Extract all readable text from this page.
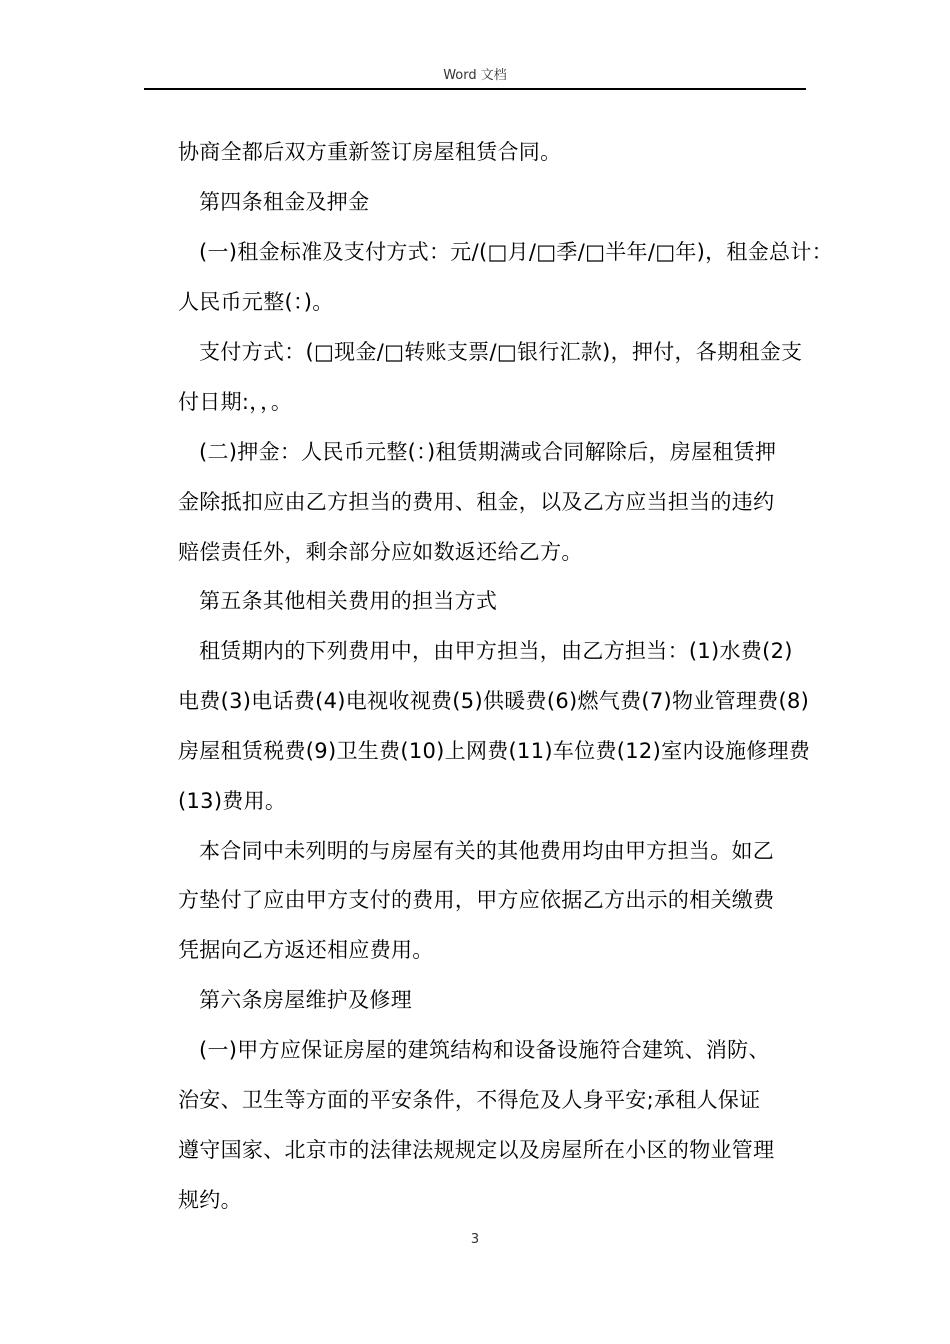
Word 文档
协商全都后双方重新签订房屋租赁合同。
第四条租金及押金
(一)租金标准及支付方式：元/(□月/□季/□半年/□年)，租金总计：
人民币元整(：)。
支付方式：(□现金/□转账支票/□银行汇款)，押付，各期租金支
付日期:，，。
(二)押金：人民币元整(：)租赁期满或合同解除后，房屋租赁押
金除抵扣应由乙方担当的费用、租金，以及乙方应当担当的违约
赔偿责任外，剩余部分应如数返还给乙方。
第五条其他相关费用的担当方式
租赁期内的下列费用中，由甲方担当，由乙方担当：(1)水费(2)
电费(3)电话费(4)电视收视费(5)供暖费(6)燃气费(7)物业管理费(8)
房屋租赁税费(9)卫生费(10)上网费(11)车位费(12)室内设施修理费
(13)费用。
本合同中未列明的与房屋有关的其他费用均由甲方担当。如乙
方垫付了应由甲方支付的费用，甲方应依据乙方出示的相关缴费
凭据向乙方返还相应费用。
第六条房屋维护及修理
(一)甲方应保证房屋的建筑结构和设备设施符合建筑、消防、
治安、卫生等方面的平安条件，不得危及人身平安;承租人保证
遵守国家、北京市的法律法规规定以及房屋所在小区的物业管理
规约。
3
